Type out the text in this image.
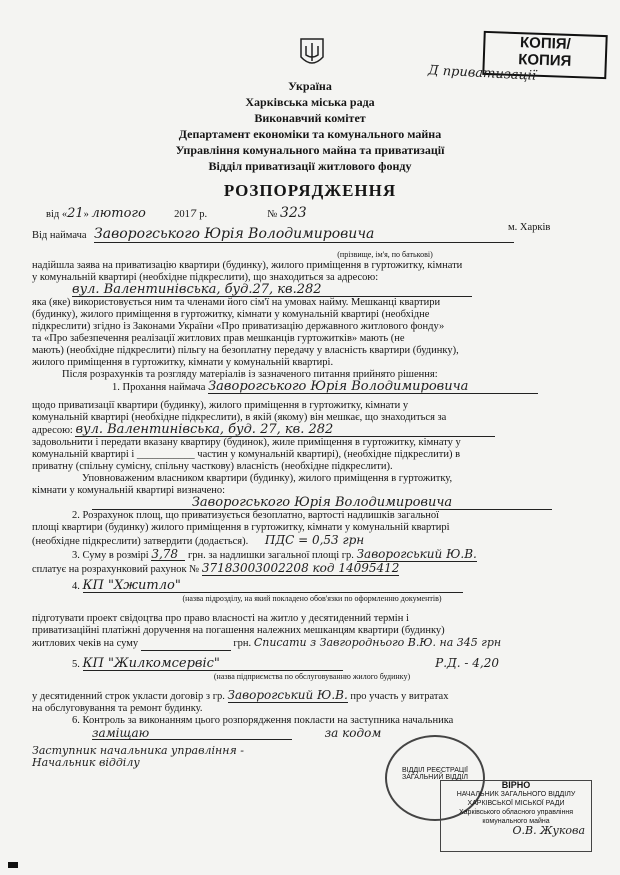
КОПІЯ/
КОПИЯ
Д приватизації
Україна
Харківська міська рада
Виконавчий комітет
Департамент економіки та комунального майна
Управління комунального майна та приватизації
Відділ приватизації житлового фонду
РОЗПОРЯДЖЕННЯ
від «21» лютого	2017 р.	№ 323
м. Харків
Від наймача Заворогського Юрія Володимировича
(прізвище, ім'я, по батькові)
надійшла заява на приватизацію квартири (будинку), жилого приміщення в гуртожитку, кімнати
у комунальній квартирі (необхідне підкреслити), що знаходиться за адресою:
вул. Валентинівська, буд.27, кв.282
яка (яке) використовується ним та членами його сім'ї на умовах найму. Мешканці квартири
(будинку), жилого приміщення в гуртожитку, кімнати у комунальній квартирі (необхідне
підкреслити) згідно із Законами України «Про приватизацію державного житлового фонду»
та «Про забезпечення реалізації житлових прав мешканців гуртожитків» мають (не
мають) (необхідне підкреслити) пільгу на безоплатну передачу у власність квартири (будинку),
жилого приміщення в гуртожитку, кімнати у комунальній квартирі.
Після розрахунків та розгляду матеріалів із зазначеного питання прийнято рішення:
1. Прохання наймача Заворогського Юрія Володимировича
щодо приватизації квартири (будинку), жилого приміщення в гуртожитку, кімнати у
комунальній квартирі (необхідне підкреслити), в якій (якому) він мешкає, що знаходиться за
адресою: вул. Валентинівська, буд. 27, кв. 282
задовольнити і передати вказану квартиру (будинок), жиле приміщення в гуртожитку, кімнату у
комунальній квартирі і ___________ частин у комунальній квартирі), (необхідне підкреслити) в
приватну (спільну сумісну, спільну часткову) власність (необхідне підкреслити).
Уповноваженим власником квартири (будинку), жилого приміщення в гуртожитку,
кімнати у комунальній квартирі визначено:
Заворогського Юрія Володимировича
2. Розрахунок площ, що приватизується безоплатно, вартості надлишків загальної
площі квартири (будинку) жилого приміщення в гуртожитку, кімнати у комунальній квартирі
(необхідне підкреслити) затвердити (додається). ПДС = 0,53 грн
3. Суму в розмірі 3,78 грн. за надлишки загальної площі гр. Заворогський Ю.В.
сплатує на розрахунковий рахунок № 37183003002208 код 14095412
4. КП "Хжитло"
(назва підрозділу, на який покладено обов'язки по оформленню документів)
підготувати проект свідоцтва про право власності на житло у десятиденний термін і
приватизаційні платіжні доручення на погашення належних мешканцям квартири (будинку)
житлових чеків на суму	грн. Списати з Завгороднього В.Ю. на 345 грн
5. КП "Жилкомсервіс"	Р.Д. - 4,20
(назва підприємства по обслуговуванню жилого будинку)
у десятиденний строк укласти договір з гр. Заворогський Ю.В. про участь у витратах
на обслуговування та ремонт будинку.
6. Контроль за виконанням цього розпорядження покласти на заступника начальника
заміщаю	за кодом
Заступник начальника управління -
Начальник відділу
ВІДДІЛ РЕЄСТРАЦІЇ ЗАГАЛЬНИЙ ВІДДІЛ
ВІРНО
НАЧАЛЬНИК ЗАГАЛЬНОГО ВІДДІЛУ
ХАРКІВСЬКОЇ МІСЬКОЇ РАДИ
Харківського обласного управління комунального майна
О.В. Жукова
